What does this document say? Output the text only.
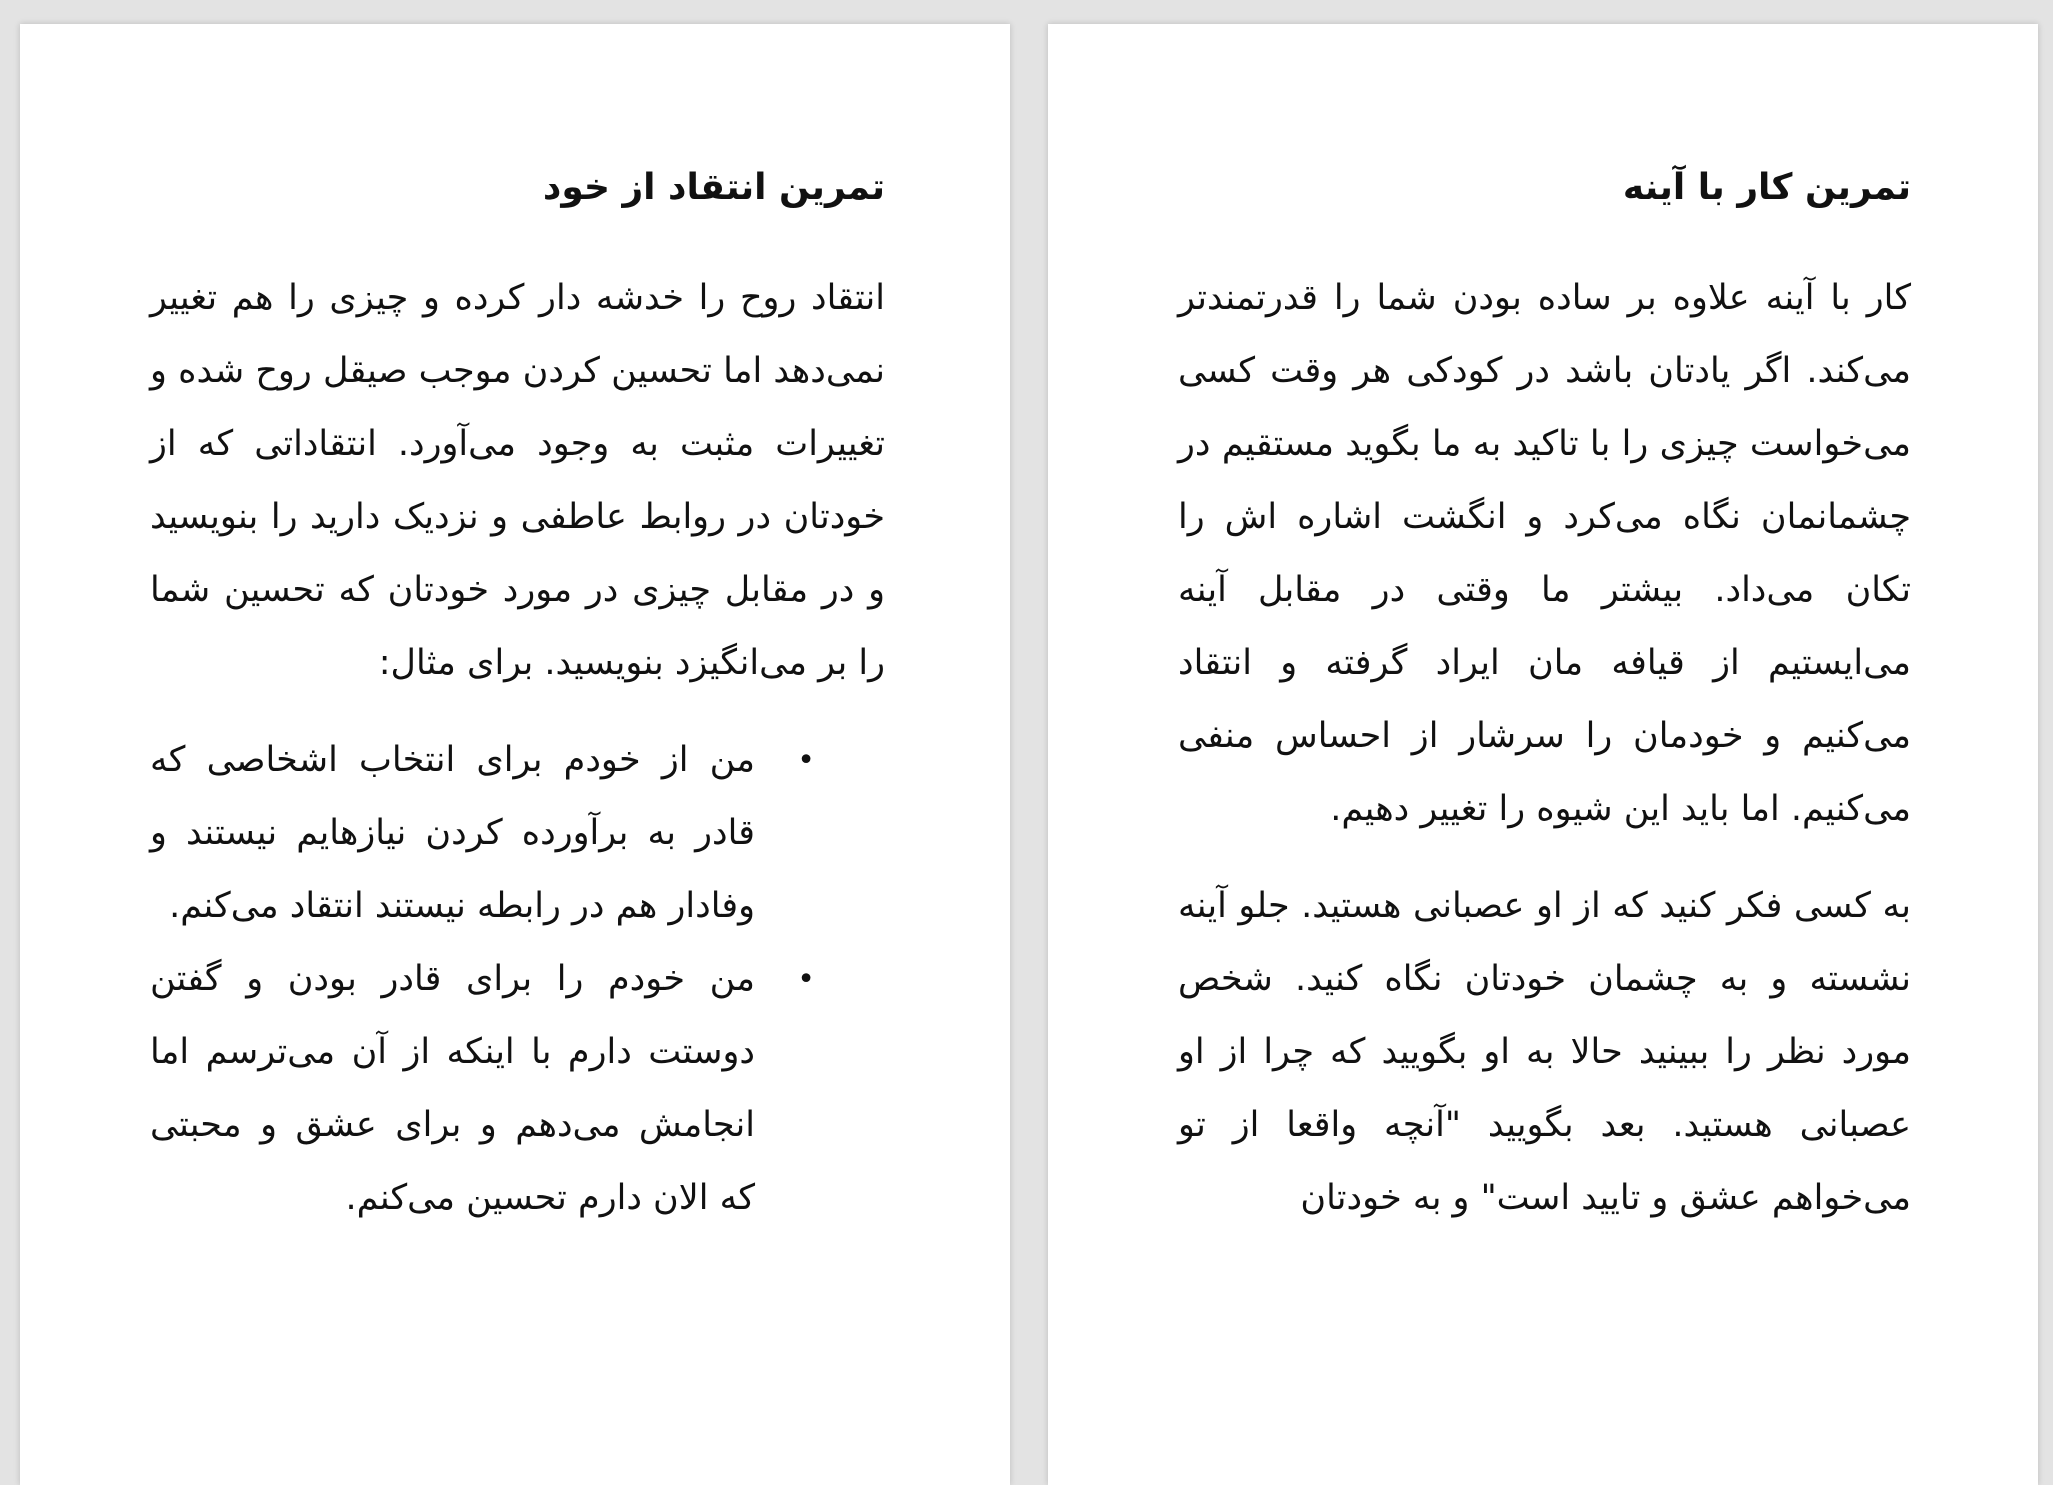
تمرین انتقاد از خود

انتقاد روح را خدشه دار کرده و چیزی را هم تغییر نمی‌دهد اما تحسین کردن موجب صیقل روح شده و تغییرات مثبت به وجود می‌آورد. انتقاداتی که از خودتان در روابط عاطفی و نزدیک دارید را بنویسید و در مقابل چیزی در مورد خودتان که تحسین شما را بر می‌انگیزد بنویسید. برای مثال:

•
من از خودم برای انتخاب اشخاصی که قادر به برآورده کردن نیازهایم نیستند و وفادار هم در رابطه نیستند انتقاد می‌کنم.
•
من خودم را برای قادر بودن و گفتن دوستت دارم با اینکه از آن می‌ترسم اما انجامش می‌دهم و برای عشق و محبتی که الان دارم تحسین می‌کنم.
تمرین کار با آینه

کار با آینه علاوه بر ساده بودن شما را قدرتمندتر می‌کند. اگر یادتان باشد در کودکی هر وقت کسی می‌خواست چیزی را با تاکید به ما بگوید مستقیم در چشمانمان نگاه می‌کرد و انگشت اشاره اش را تکان می‌داد. بیشتر ما وقتی در مقابل آینه می‌ایستیم از قیافه مان ایراد گرفته و انتقاد می‌کنیم و خودمان را سرشار از احساس منفی می‌کنیم. اما باید این شیوه را تغییر دهیم.

به کسی فکر کنید که از او عصبانی هستید. جلو آینه نشسته و به چشمان خودتان نگاه کنید. شخص مورد نظر را ببینید حالا به او بگویید که چرا از او عصبانی هستید. بعد بگویید "آنچه واقعا از تو می‌خواهم عشق و تایید است" و به خودتان
